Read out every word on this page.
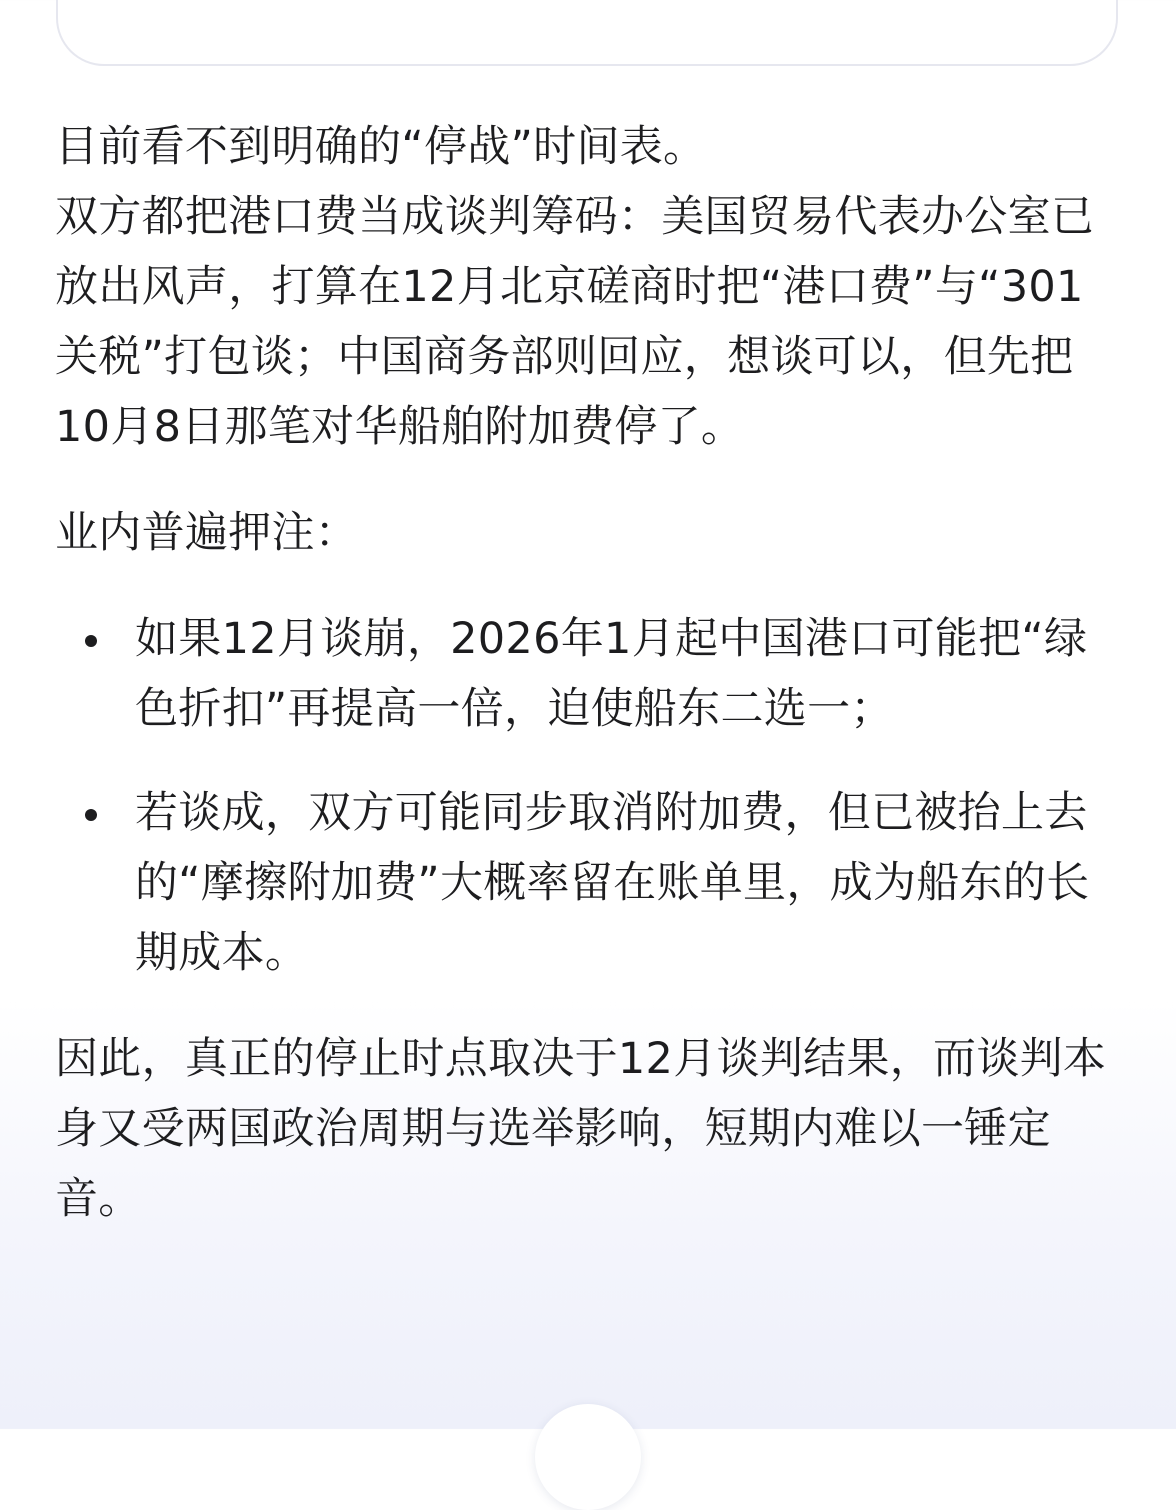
目前看不到明确的“停战”时间表。

双方都把港口费当成谈判筹码：美国贸易代表办公室已放出风声，打算在12月北京磋商时把“港口费”与“301关税”打包谈；中国商务部则回应，想谈可以，但先把10月8日那笔对华船舶附加费停了。

业内普遍押注：

如果12月谈崩，2026年1月起中国港口可能把“绿色折扣”再提高一倍，迫使船东二选一；
若谈成，双方可能同步取消附加费，但已被抬上去的“摩擦附加费”大概率留在账单里，成为船东的长期成本。

因此，真正的停止时点取决于12月谈判结果，而谈判本身又受两国政治周期与选举影响，短期内难以一锤定音。
